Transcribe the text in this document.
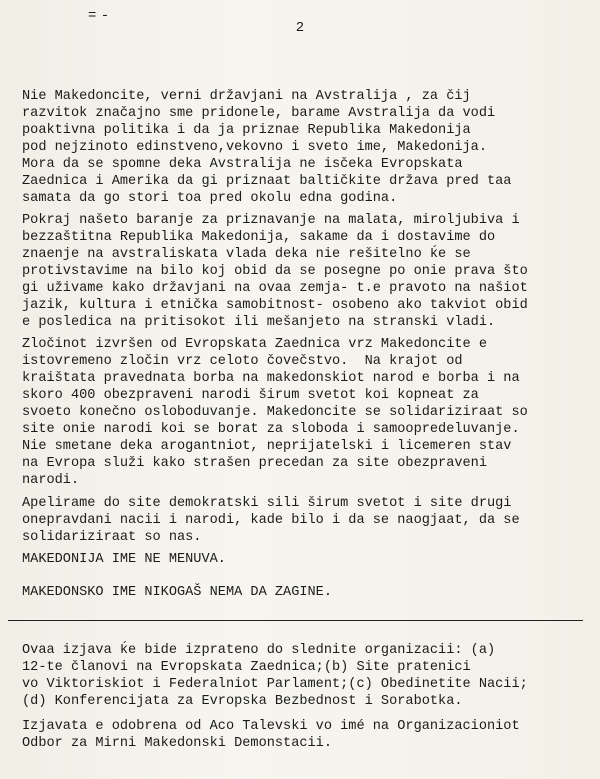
= -
2
Nie Makedoncite, verni državjani na Avstralija , za čij
razvitok značajno sme pridonele, barame Avstralija da vodi
poaktivna politika i da ja priznae Republika Makedonija
pod nejzinoto edinstveno,vekovno i sveto ime, Makedonija.
Mora da se spomne deka Avstralija ne isčeka Evropskata
Zaednica i Amerika da gi priznaat baltičkite država pred taa
samata da go stori toa pred okolu edna godina.
Pokraj našeto baranje za priznavanje na malata, miroljubiva i
bezzaštitna Republika Makedonija, sakame da i dostavime do
znaenje na avstraliskata vlada deka nie rešitelno ḱe se
protivstavime na bilo koj obid da se posegne po onie prava što
gi uživame kako državjani na ovaa zemja- t.e pravoto na našiot
jazik, kultura i etnička samobitnost- osobeno ako takviot obid
e posledica na pritisokot ili mešanjeto na stranski vladi.
Zločinot izvršen od Evropskata Zaednica vrz Makedoncite e
istovremeno zločin vrz celoto čovečstvo.  Na krajot od
kraištata pravednata borba na makedonskiot narod e borba i na
skoro 400 obezpraveni narodi širum svetot koi kopneat za
svoeto konečno osloboduvanje. Makedoncite se solidariziraat so
site onie narodi koi se borat za sloboda i samoopredeluvanje.
Nie smetane deka arogantniot, neprijatelski i licemeren stav
na Evropa služi kako strašen precedan za site obezpraveni
narodi.
Apelirame do site demokratski sili širum svetot i site drugi
onepravdani nacii i narodi, kade bilo i da se naogjaat, da se
solidariziraat so nas.
MAKEDONIJA IME NE MENUVA.
MAKEDONSKO IME NIKOGAŠ NEMA DA ZAGINE.
Ovaa izjava ḱe bide izprateno do slednite organizacii: (a)
12-te članovi na Evropskata Zaednica;(b) Site pratenici
vo Viktoriskiot i Federalniot Parlament;(c) Obedinetite Nacii;
(d) Konferencijata za Evropska Bezbednost i Sorabotka.
Izjavata e odobrena od Aco Talevski vo imé na Organizacioniot
Odbor za Mirni Makedonski Demonstacii.
